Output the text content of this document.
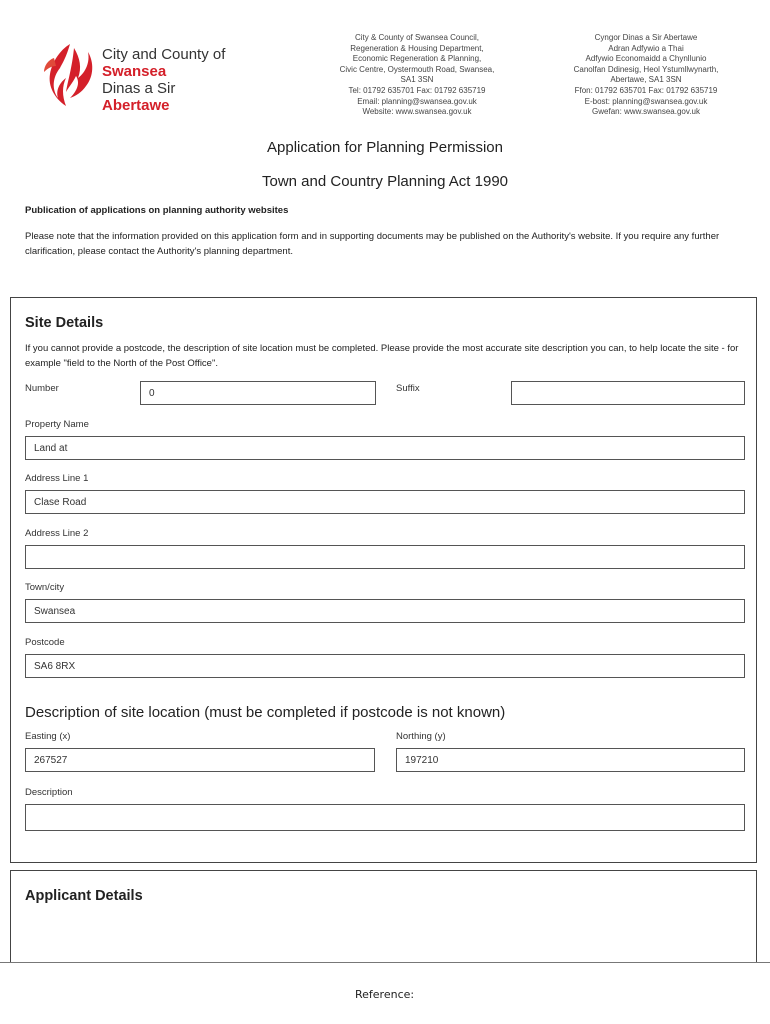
City and County of
Swansea
Dinas a Sir
Abertawe
City & County of Swansea Council,
Regeneration & Housing Department,
Economic Regeneration & Planning,
Civic Centre, Oystermouth Road, Swansea,
SA1 3SN
Tel: 01792 635701 Fax: 01792 635719
Email: planning@swansea.gov.uk
Website: www.swansea.gov.uk
Cyngor Dinas a Sir Abertawe
Adran Adfywio a Thai
Adfywio Economaidd a Chynllunio
Canolfan Ddinesig, Heol Ystumllwynarth,
Abertawe, SA1 3SN
Ffon: 01792 635701 Fax: 01792 635719
E-bost: planning@swansea.gov.uk
Gwefan: www.swansea.gov.uk
Application for Planning Permission
Town and Country Planning Act 1990
Publication of applications on planning authority websites
Please note that the information provided on this application form and in supporting documents may be published on the Authority's website. If you require any further clarification, please contact the Authority's planning department.
Site Details
If you cannot provide a postcode, the description of site location must be completed. Please provide the most accurate site description you can, to help locate the site - for example "field to the North of the Post Office".
Number	0	Suffix
Property Name
Land at
Address Line 1
Clase Road
Address Line 2
Town/city
Swansea
Postcode
SA6 8RX
Description of site location (must be completed if postcode is not known)
Easting (x)
267527
Northing (y)
197210
Description
Applicant Details
Reference:
